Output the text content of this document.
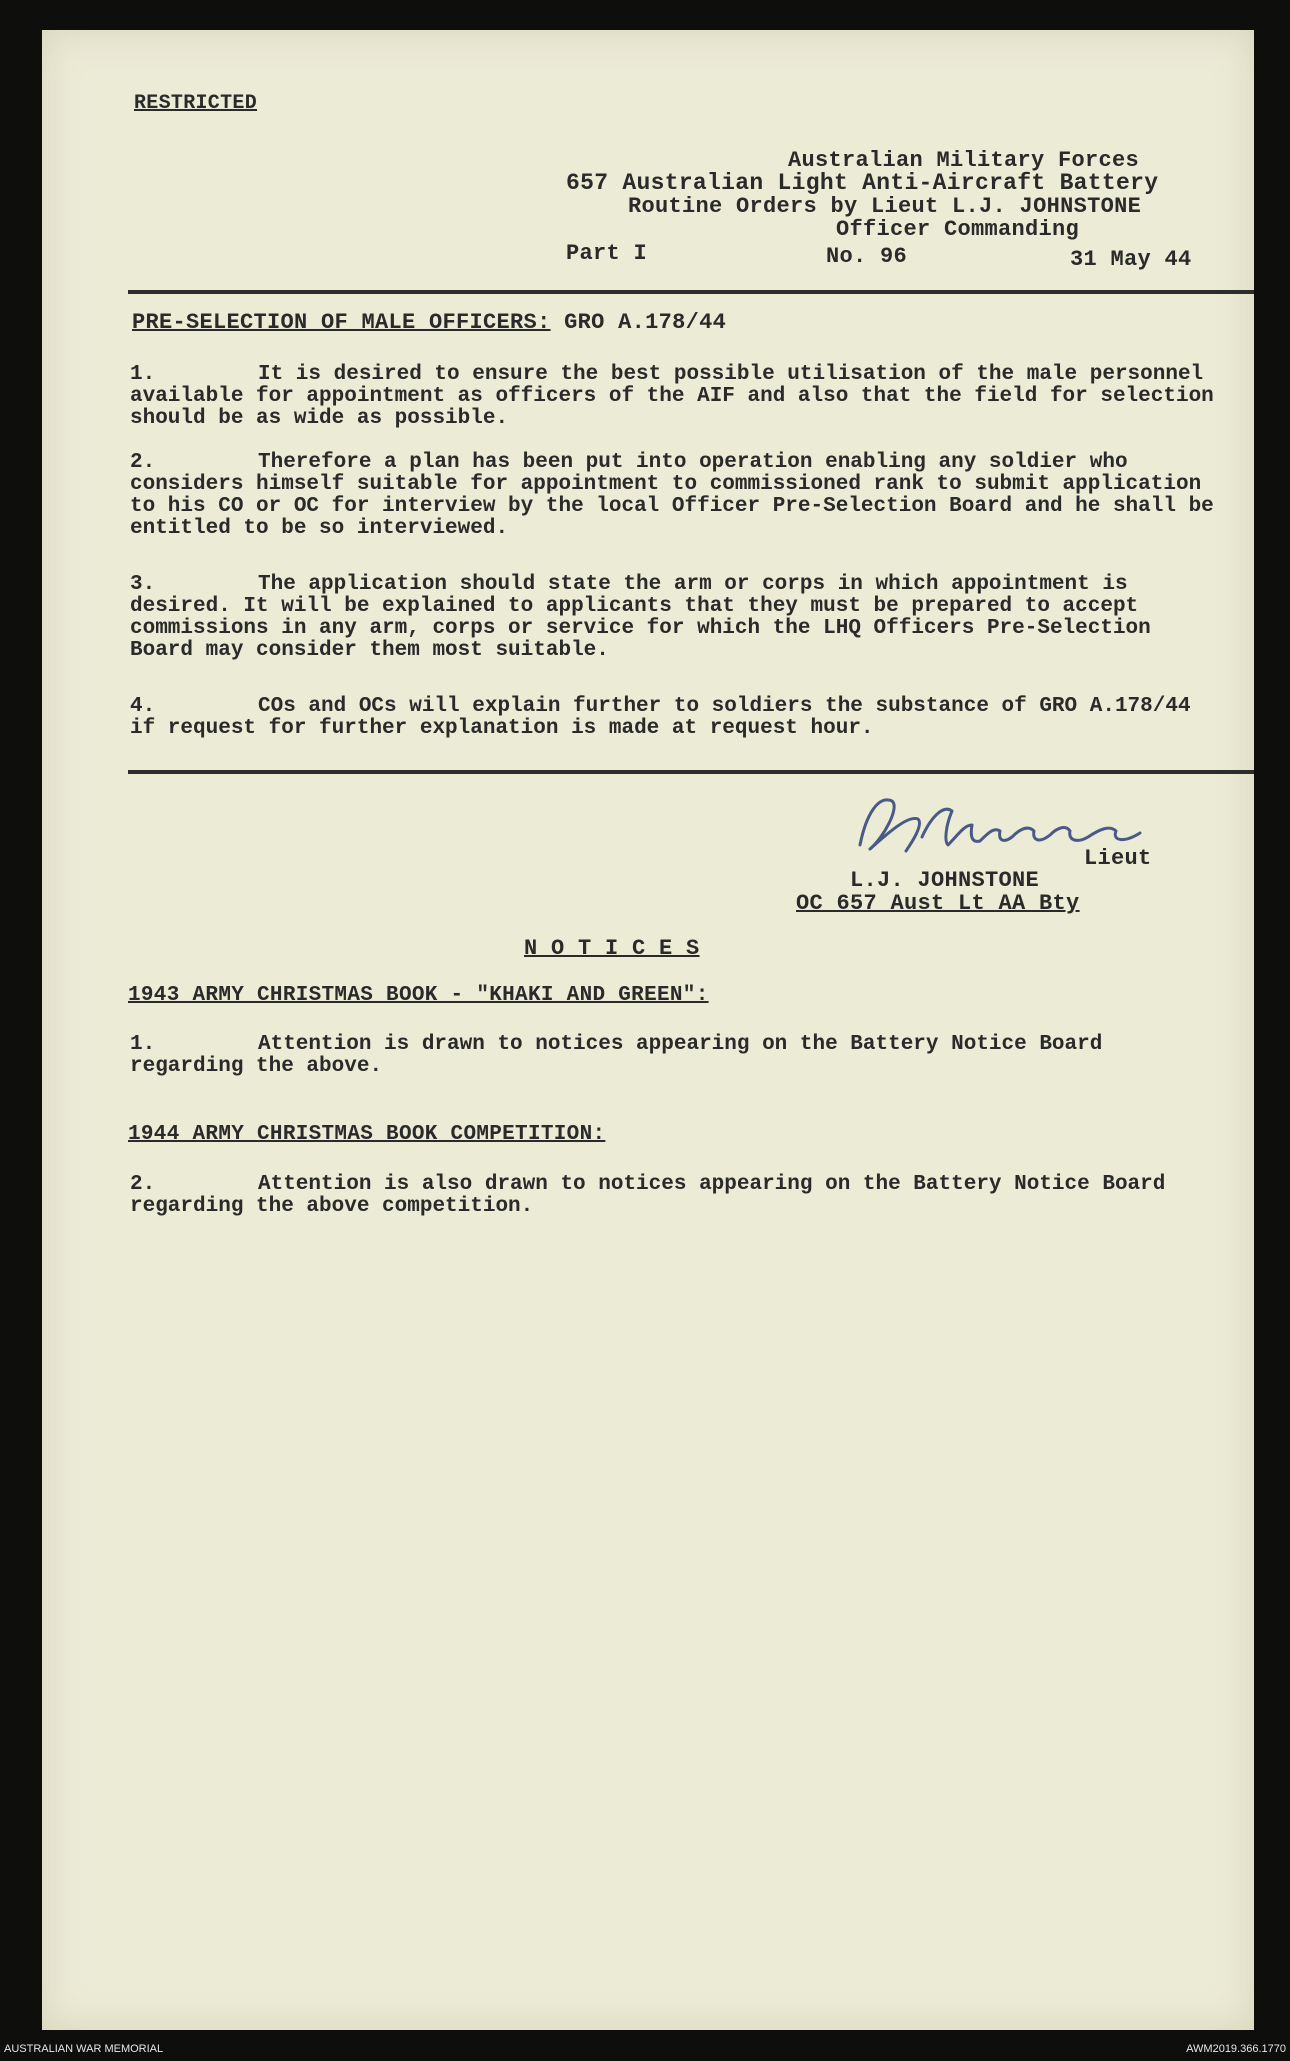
RESTRICTED
Australian Military Forces
657 Australian Light Anti-Aircraft Battery
Routine Orders by Lieut L.J. JOHNSTONE
Officer Commanding
Part I	No. 96	31 May 44
PRE-SELECTION OF MALE OFFICERS: GRO A.178/44
1.	It is desired to ensure the best possible utilisation of the male personnel available for appointment as officers of the AIF and also that the field for selection should be as wide as possible.
2.	Therefore a plan has been put into operation enabling any soldier who considers himself suitable for appointment to commissioned rank to submit application to his CO or OC for interview by the local Officer Pre-Selection Board and he shall be entitled to be so interviewed.
3.	The application should state the arm or corps in which appointment is desired. It will be explained to applicants that they must be prepared to accept commissions in any arm, corps or service for which the LHQ Officers Pre-Selection Board may consider them most suitable.
4.	COs and OCs will explain further to soldiers the substance of GRO A.178/44 if request for further explanation is made at request hour.
Lieut
L.J. JOHNSTONE
OC 657 Aust Lt AA Bty
N O T I C E S
1943 ARMY CHRISTMAS BOOK - "KHAKI AND GREEN":
1.	Attention is drawn to notices appearing on the Battery Notice Board regarding the above.
1944 ARMY CHRISTMAS BOOK COMPETITION:
2.	Attention is also drawn to notices appearing on the Battery Notice Board regarding the above competition.
AUSTRALIAN WAR MEMORIAL	AWM2019.366.1770
